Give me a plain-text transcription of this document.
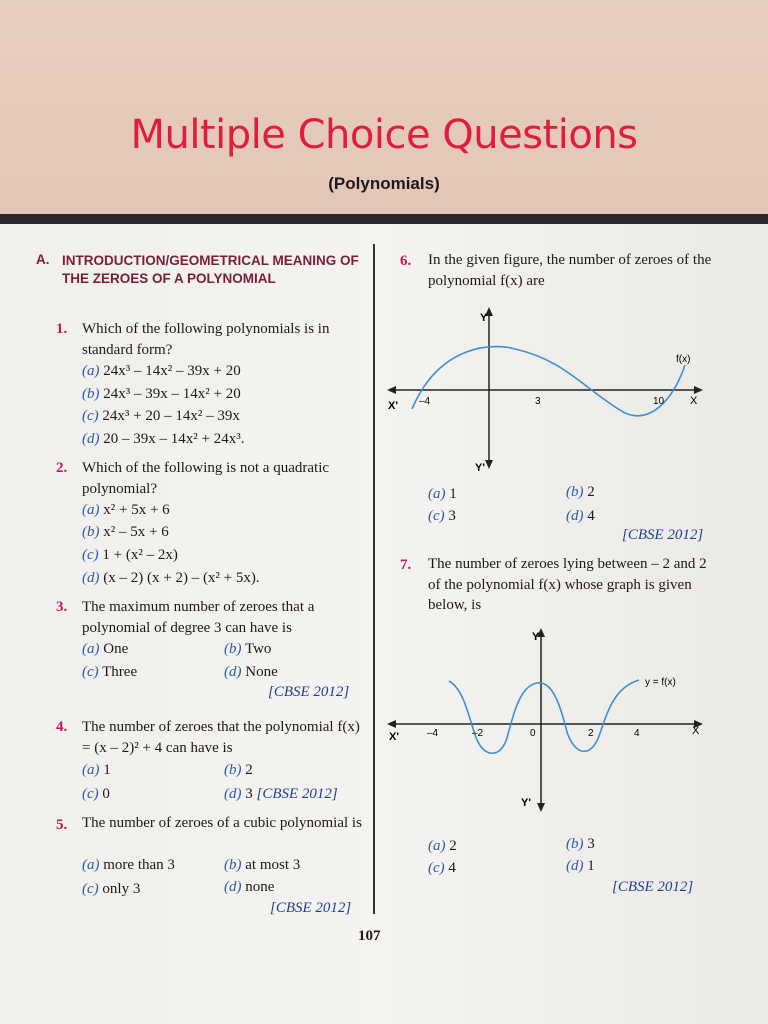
Multiple Choice Questions
(Polynomials)
A. INTRODUCTION/GEOMETRICAL MEANING OF THE ZEROES OF A POLYNOMIAL

1. Which of the following polynomials is in standard form?
(a) 24x³ – 14x² – 39x + 20
(b) 24x³ – 39x – 14x² + 20
(c) 24x³ + 20 – 14x² – 39x
(d) 20 – 39x – 14x² + 24x³.
2. Which of the following is not a quadratic polynomial?
(a) x² + 5x + 6
(b) x² – 5x + 6
(c) 1 + (x² – 2x)
(d) (x – 2) (x + 2) – (x² + 5x).
3. The maximum number of zeroes that a polynomial of degree 3 can have is
(a) One	(b) Two
(c) Three	(d) None
[CBSE 2012]
4. The number of zeroes that the polynomial f(x) = (x – 2)² + 4 can have is
(a) 1	(b) 2
(c) 0	(d) 3 [CBSE 2012]
5. The number of zeroes of a cubic polynomial is
(a) more than 3	(b) at most 3
(c) only 3	(d) none
[CBSE 2012]
6. In the given figure, the number of zeroes of the polynomial f(x) are
Y
Y'
X'	X
f(x)
–4	3	10
(a) 1	(b) 2
(c) 3	(d) 4
[CBSE 2012]
7. The number of zeroes lying between – 2 and 2 of the polynomial f(x) whose graph is given below, is
Y
Y'
X'	X
y = f(x)
–4	–2	0	2	4
(a) 2	(b) 3
(c) 4	(d) 1
[CBSE 2012]
107
